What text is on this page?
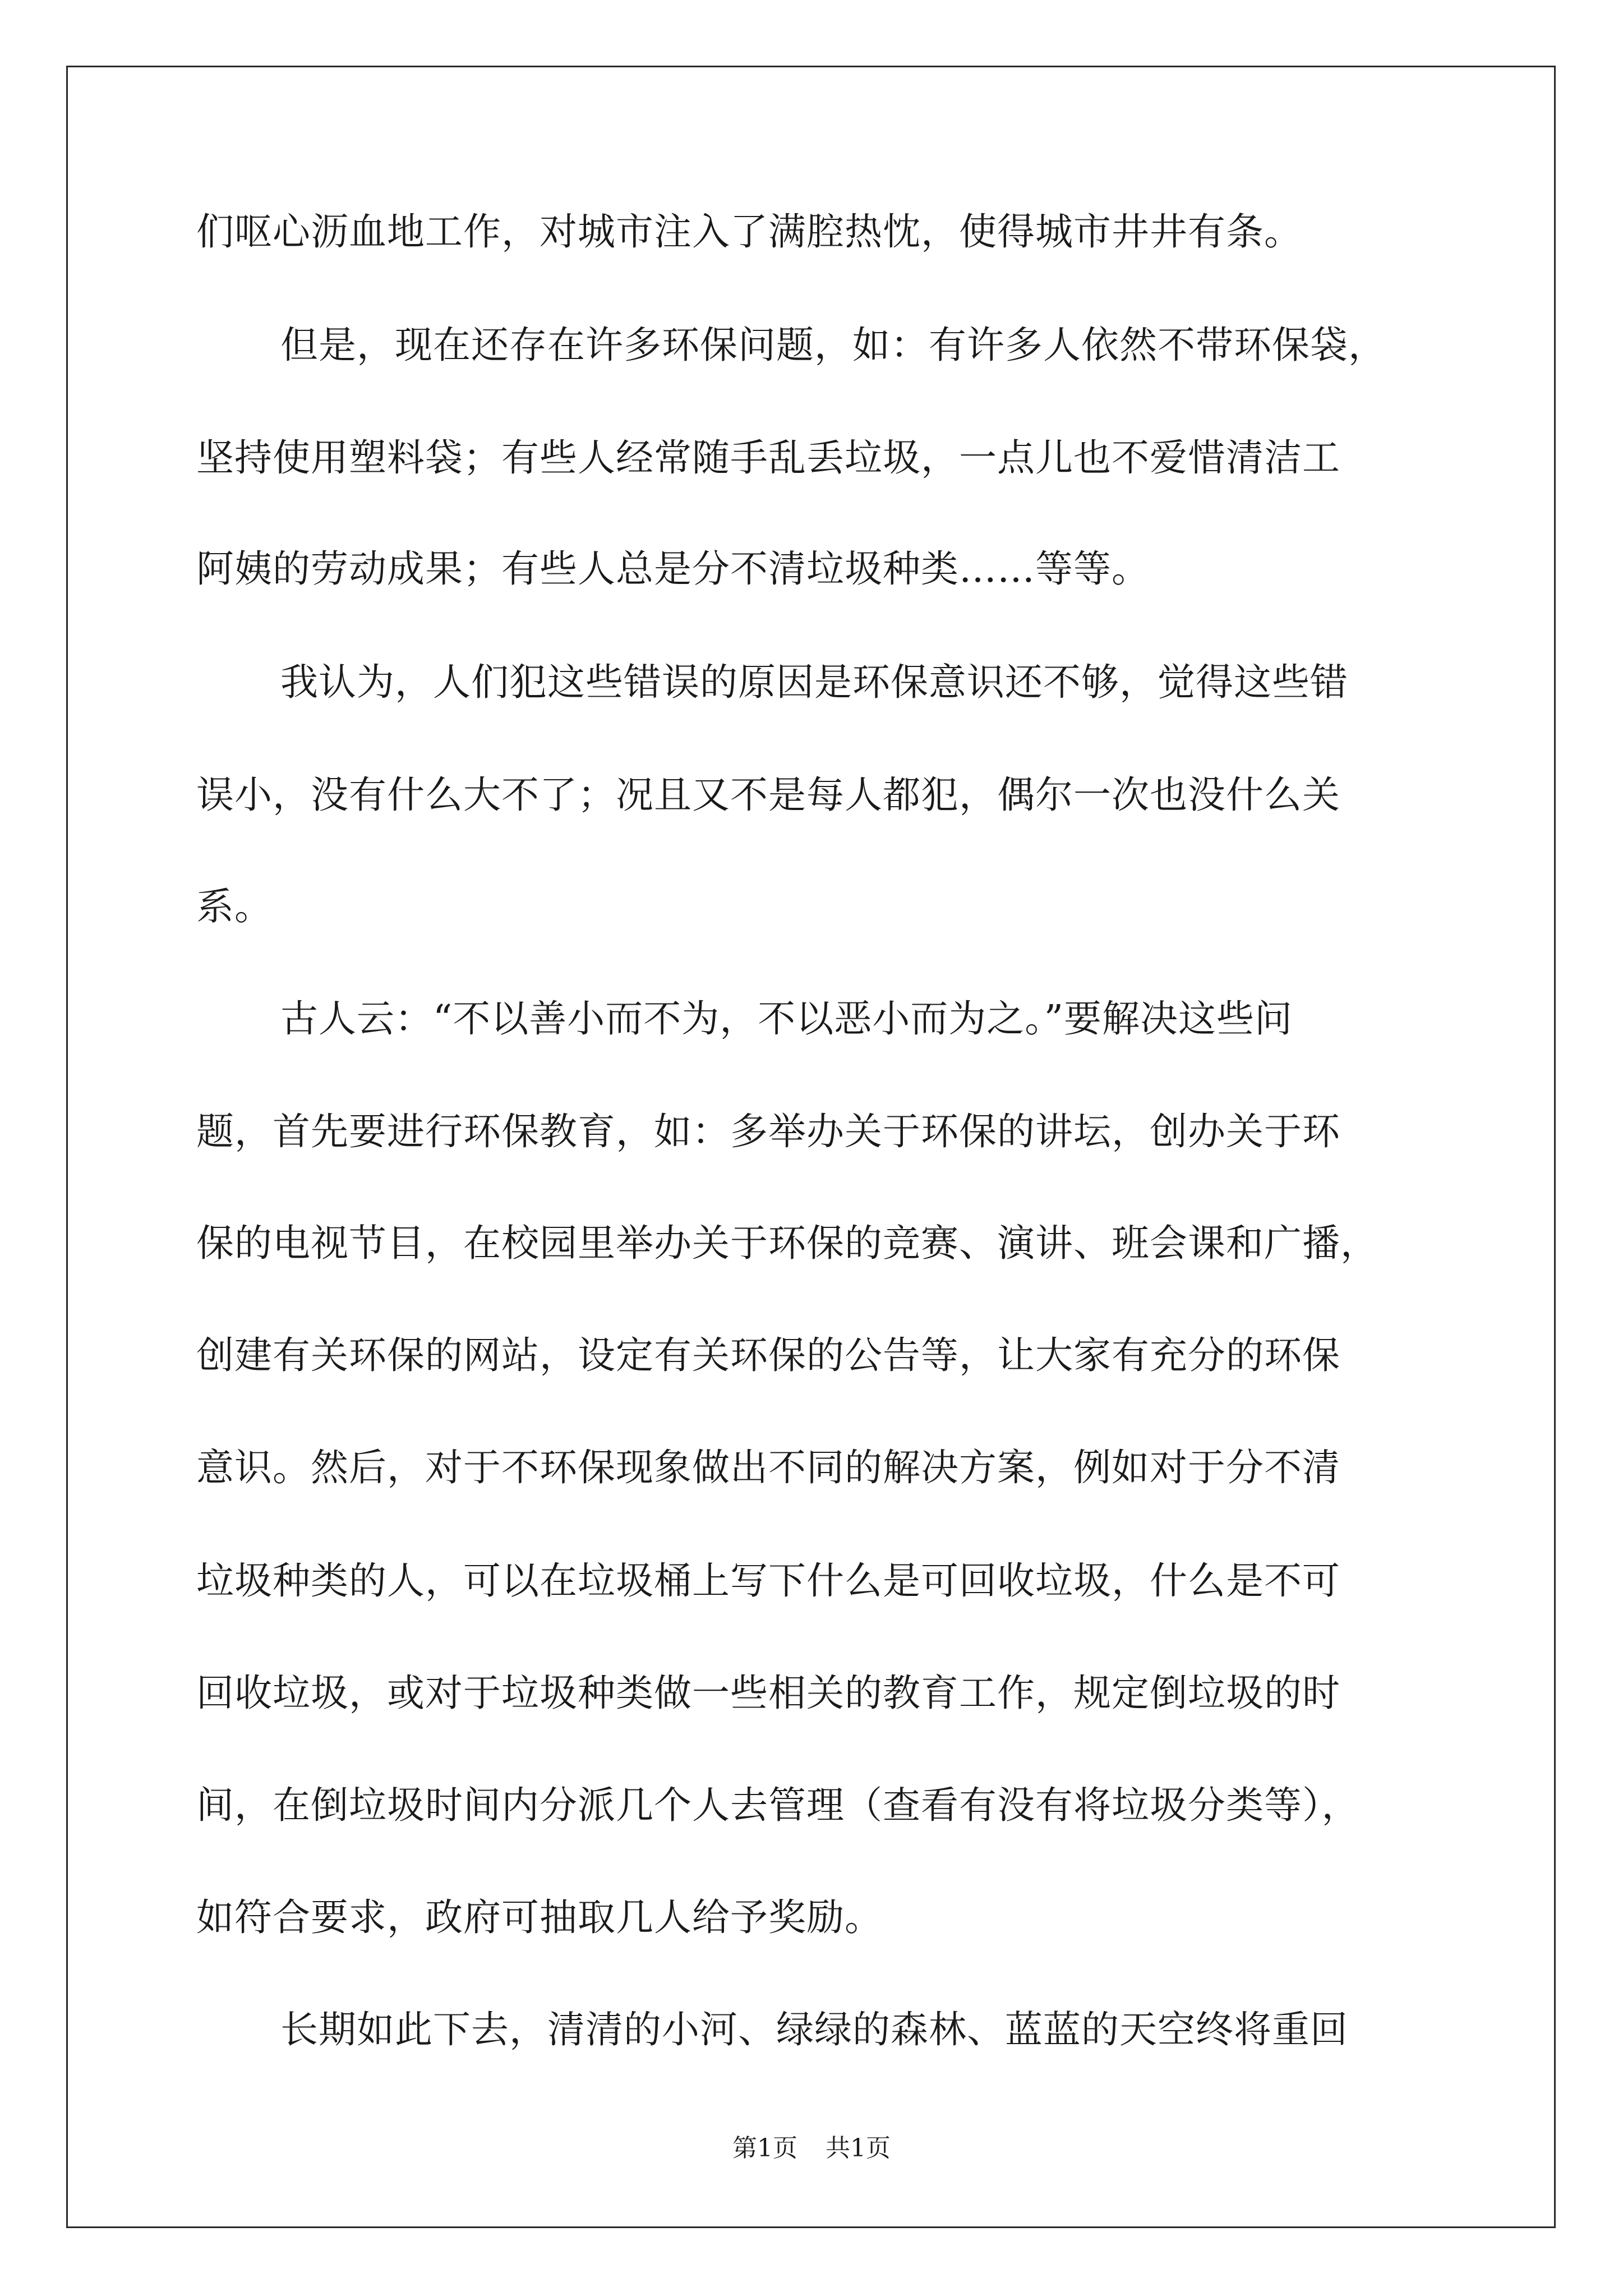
们呕心沥血地工作，对城市注入了满腔热忱，使得城市井井有条。
但是，现在还存在许多环保问题，如：有许多人依然不带环保袋，
坚持使用塑料袋；有些人经常随手乱丢垃圾，一点儿也不爱惜清洁工
阿姨的劳动成果；有些人总是分不清垃圾种类……等等。
我认为，人们犯这些错误的原因是环保意识还不够，觉得这些错
误小，没有什么大不了；况且又不是每人都犯，偶尔一次也没什么关
系。
古人云：“不以善小而不为，不以恶小而为之。”要解决这些问
题，首先要进行环保教育，如：多举办关于环保的讲坛，创办关于环
保的电视节目，在校园里举办关于环保的竞赛、演讲、班会课和广播，
创建有关环保的网站，设定有关环保的公告等，让大家有充分的环保
意识。然后，对于不环保现象做出不同的解决方案，例如对于分不清
垃圾种类的人，可以在垃圾桶上写下什么是可回收垃圾，什么是不可
回收垃圾，或对于垃圾种类做一些相关的教育工作，规定倒垃圾的时
间，在倒垃圾时间内分派几个人去管理（查看有没有将垃圾分类等），
如符合要求，政府可抽取几人给予奖励。
长期如此下去，清清的小河、绿绿的森林、蓝蓝的天空终将重回
第1页 共1页
